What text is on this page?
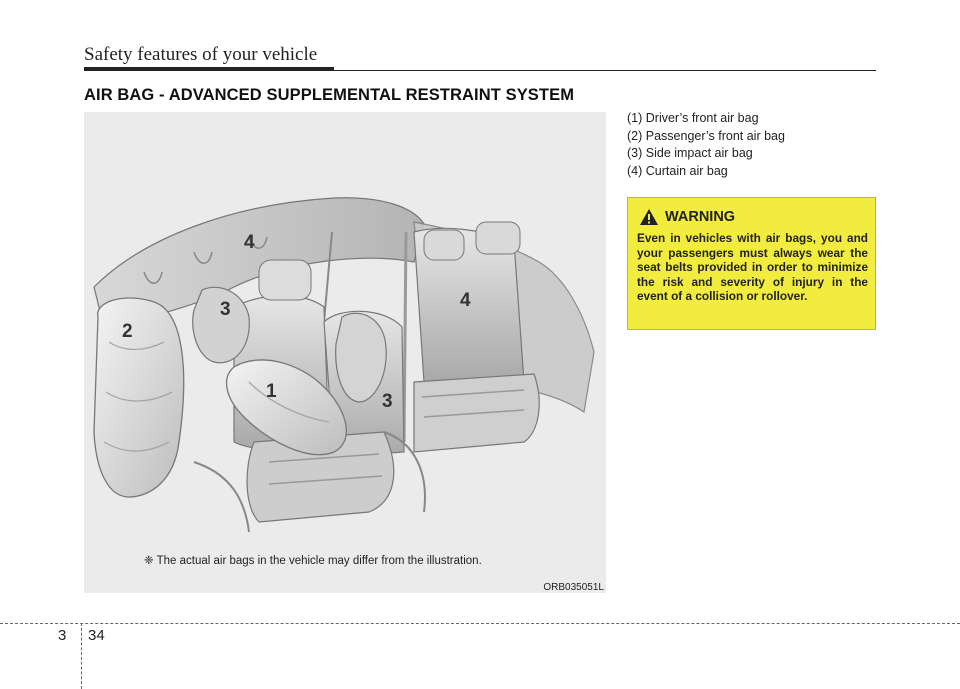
Safety features of your vehicle
AIR BAG - ADVANCED SUPPLEMENTAL RESTRAINT SYSTEM
4
2
3	4
1	3
❈ The actual air bags in the vehicle may differ from the illustration.
ORB035051L
(1) Driver’s front air bag
(2) Passenger’s front air bag
(3) Side impact air bag
(4) Curtain air bag
WARNING
Even in vehicles with air bags, you and your passengers must always wear the seat belts provided in order to minimize the risk and severity of injury in the event of a collision or rollover.
3 34
